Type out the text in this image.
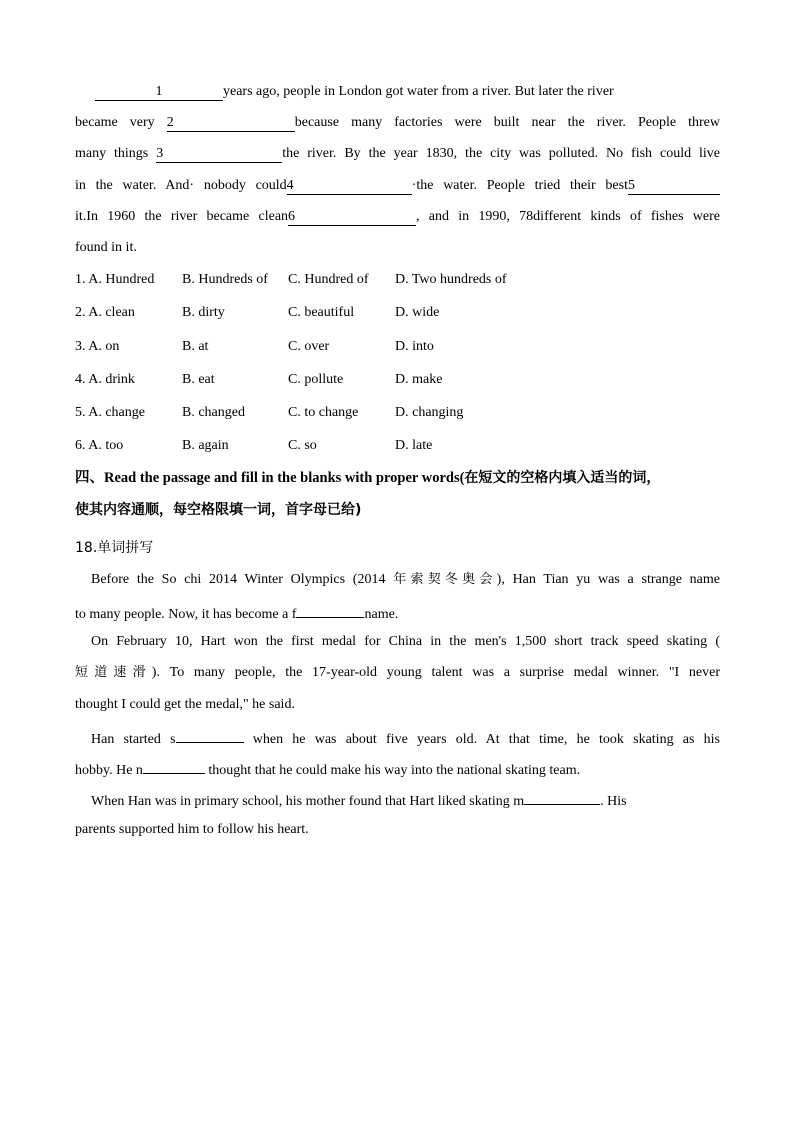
1	years ago, people in London got water from a river. But later the river
became very 2	because many factories were built near the river. People threw
many things 3	the river. By the year 1830, the city was polluted. No fish could live
in the water. And· nobody could4	·the water. People tried their best5
it.In 1960 the river became clean6	, and in 1990, 78different kinds of fishes were
found in it.
1. A. Hundred B. Hundreds of C. Hundred of D. Two hundreds of
2. A. clean	B. dirty	C. beautiful	D. wide
3. A. on	B. at	C. over	D. into
4. A. drink	B. eat	C. pollute	D. make
5. A. change	B. changed	C. to change	D. changing
6. A. too	B. again	C. so	D. late
四、Read the passage and fill in the blanks with proper words(在短文的空格内填入适当的词，
使其内容通顺，每空格限填一词，首字母已给)
18.单词拼写
Before the So chi 2014 Winter Olympics (2014 年索契冬奥会), Han Tian yu was a strange name
to many people. Now, it has become a f	name.
On February 10, Hart won the first medal for China in the men's 1,500 short track speed skating (
短道速滑). To many people, the 17-year-old young talent was a surprise medal winner. "I never
thought I could get the medal," he said.
Han started s	when he was about five years old. At that time, he took skating as his
hobby. He n	thought that he could make his way into the national skating team.
When Han was in primary school, his mother found that Hart liked skating m	. His
parents supported him to follow his heart.
